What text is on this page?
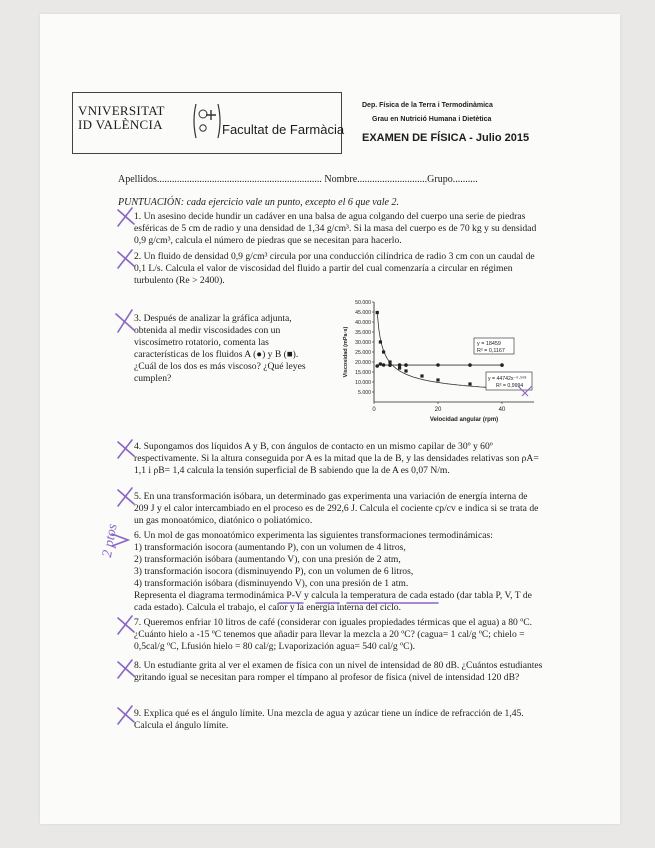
VNIVERSITAT
ID VALÈNCIA	Facultat de Farmàcia
Dep. Física de la Terra i Termodinàmica
Grau en Nutrició Humana i Dietètica
EXAMEN DE FÍSICA - Julio 2015
Apellidos.................................................................. Nombre............................Grupo..........
PUNTUACIÓN: cada ejercicio vale un punto, excepto el 6 que vale 2.
1. Un asesino decide hundir un cadáver en una balsa de agua colgando del cuerpo una serie de piedras esféricas de 5 cm de radio y una densidad de 1,34 g/cm³. Si la masa del cuerpo es de 70 kg y su densidad 0,9 g/cm³, calcula el número de piedras que se necesitan para hacerlo.
2. Un fluido de densidad 0,9 g/cm³ circula por una conducción cilíndrica de radio 3 cm con un caudal de 0,1 L/s. Calcula el valor de viscosidad del fluido a partir del cual comenzaría a circular en régimen turbulento (Re > 2400).
3. Después de analizar la gráfica adjunta, obtenida al medir viscosidades con un viscosímetro rotatorio, comenta las características de los fluidos A (●) y B (■). ¿Cuál de los dos es más viscoso? ¿Qué leyes cumplen?
5.000
10.000
15.000
20.000
25.000
30.000
35.000
40.000
45.000
50.000
0	20	40
Velocidad angular (rpm)
Viscosidad (mPa·s)	y = 18459
R² = 0,1167
y = 44742x⁻⁰·⁵⁰⁸
R² = 0,9994
4. Supongamos dos líquidos A y B, con ángulos de contacto en un mismo capilar de 30º y 60º respectivamente. Si la altura conseguida por A es la mitad que la de B, y las densidades relativas son ρA= 1,1 i ρB= 1,4 calcula la tensión superficial de B sabiendo que la de A es 0,07 N/m.
5. En una transformación isóbara, un determinado gas experimenta una variación de energía interna de 209 J y el calor intercambiado en el proceso es de 292,6 J. Calcula el cociente cp/cv e indica si se trata de un gas monoatómico, diatónico o poliatómico.
6. Un mol de gas monoatómico experimenta las siguientes transformaciones termodinámicas:
1) transformación isocora (aumentando P), con un volumen de 4 litros,
2) transformación isóbara (aumentando V), con una presión de 2 atm,
3) transformación isocora (disminuyendo P), con un volumen de 6 litros,
4) transformación isóbara (disminuyendo V), con una presión de 1 atm.
Representa el diagrama termodinámica P-V y calcula la temperatura de cada estado (dar tabla P, V, T de cada estado). Calcula el trabajo, el calor y la energía interna del ciclo.
7. Queremos enfriar 10 litros de café (considerar con iguales propiedades térmicas que el agua) a 80 ºC. ¿Cuánto hielo a -15 ºC tenemos que añadir para llevar la mezcla a 20 ºC? (cagua= 1 cal/g ºC; chielo = 0,5cal/g ºC, Lfusión hielo = 80 cal/g; Lvaporización agua= 540 cal/g ºC).
8. Un estudiante grita al ver el examen de física con un nivel de intensidad de 80 dB. ¿Cuántos estudiantes gritando igual se necesitan para romper el tímpano al profesor de física (nivel de intensidad 120 dB?
9. Explica qué es el ángulo límite. Una mezcla de agua y azúcar tiene un índice de refracción de 1,45. Calcula el ángulo límite.
2 ptos
